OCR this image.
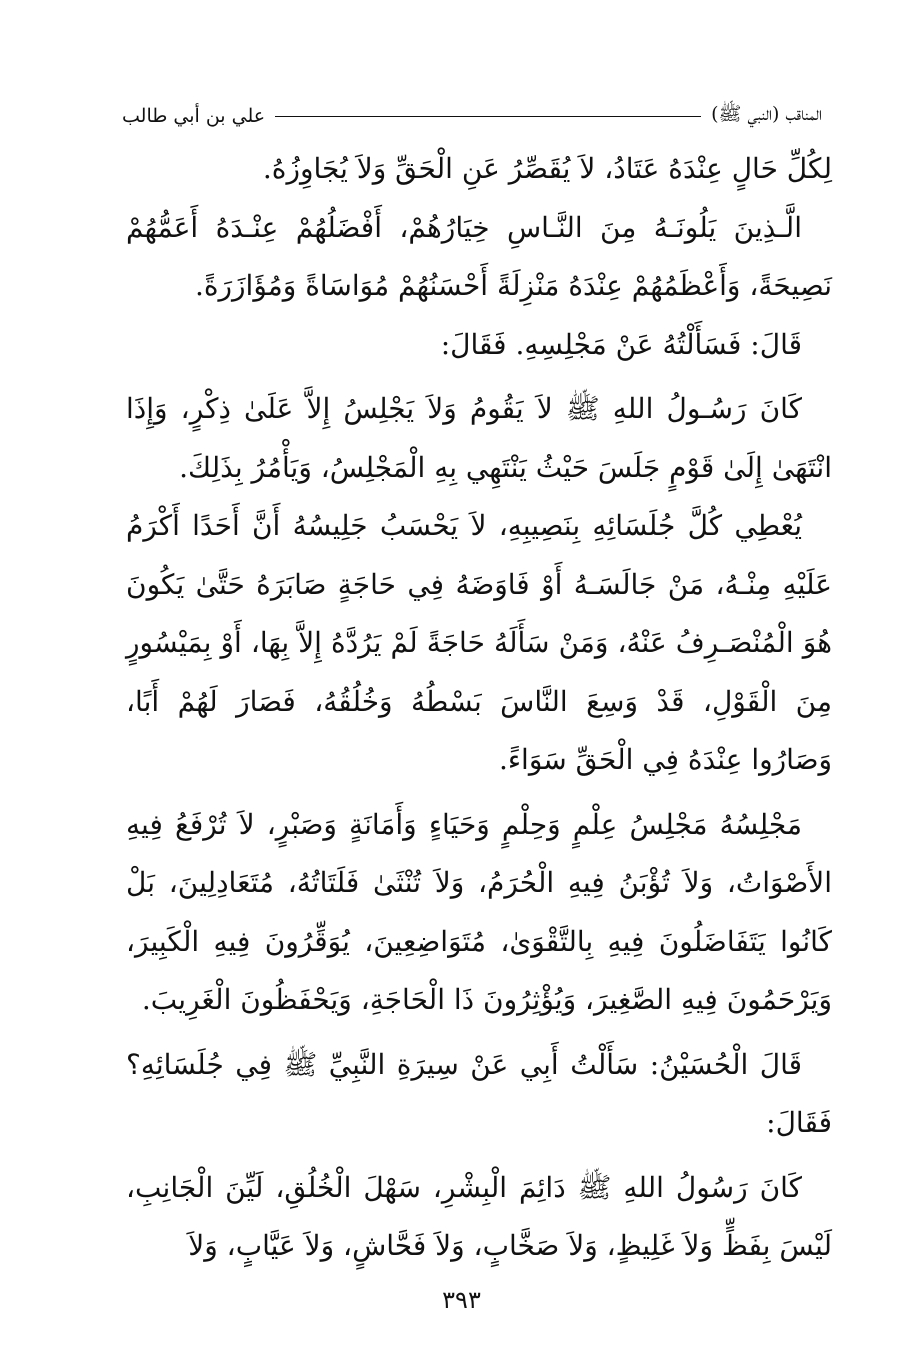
المناقب (النبي ﷺ)
علي بن أبي طالب

لِكُلِّ حَالٍ عِنْدَهُ عَتَادُ، لاَ يُقَصِّرُ عَنِ الْحَقِّ وَلاَ يُجَاوِزُهُ.

الَّـذِينَ يَلُونَـهُ مِنَ النَّـاسِ خِيَارُهُمْ، أَفْضَلُهُمْ عِنْـدَهُ أَعَمُّهُمْ نَصِيحَةً، وَأَعْظَمُهُمْ عِنْدَهُ مَنْزِلَةً أَحْسَنُهُمْ مُوَاسَاةً وَمُؤَازَرَةً.

قَالَ: فَسَأَلْتُهُ عَنْ مَجْلِسِهِ. فَقَالَ:

كَانَ رَسُـولُ اللهِ ﷺ لاَ يَقُومُ وَلاَ يَجْلِسُ إِلاَّ عَلَىٰ ذِكْرٍ، وَإِذَا انْتَهَىٰ إِلَىٰ قَوْمٍ جَلَسَ حَيْثُ يَنْتَهِي بِهِ الْمَجْلِسُ، وَيَأْمُرُ بِذَلِكَ.

يُعْطِي كُلَّ جُلَسَائِهِ بِنَصِيبِهِ، لاَ يَحْسَبُ جَلِيسُهُ أَنَّ أَحَدًا أَكْرَمُ عَلَيْهِ مِنْـهُ، مَنْ جَالَسَـهُ أَوْ فَاوَضَهُ فِي حَاجَةٍ صَابَرَهُ حَتَّىٰ يَكُونَ هُوَ الْمُنْصَـرِفُ عَنْهُ، وَمَنْ سَأَلَهُ حَاجَةً لَمْ يَرُدَّهُ إِلاَّ بِهَا، أَوْ بِمَيْسُورٍ مِنَ الْقَوْلِ، قَدْ وَسِعَ النَّاسَ بَسْطُهُ وَخُلُقُهُ، فَصَارَ لَهُمْ أَبًا، وَصَارُوا عِنْدَهُ فِي الْحَقِّ سَوَاءً.

مَجْلِسُهُ مَجْلِسُ عِلْمٍ وَحِلْمٍ وَحَيَاءٍ وَأَمَانَةٍ وَصَبْرٍ، لاَ تُرْفَعُ فِيهِ الأَصْوَاتُ، وَلاَ تُؤْبَنُ فِيهِ الْحُرَمُ، وَلاَ تُنْثَىٰ فَلَتَاتُهُ، مُتَعَادِلِينَ، بَلْ كَانُوا يَتَفَاضَلُونَ فِيهِ بِالتَّقْوَىٰ، مُتَوَاضِعِينَ، يُوَقِّرُونَ فِيهِ الْكَبِيرَ، وَيَرْحَمُونَ فِيهِ الصَّغِيرَ، وَيُؤْثِرُونَ ذَا الْحَاجَةِ، وَيَحْفَظُونَ الْغَرِيبَ.

قَالَ الْحُسَيْنُ: سَأَلْتُ أَبِي عَنْ سِيرَةِ النَّبِيِّ ﷺ فِي جُلَسَائِهِ؟ فَقَالَ:

كَانَ رَسُولُ اللهِ ﷺ دَائِمَ الْبِشْرِ، سَهْلَ الْخُلُقِ، لَيِّنَ الْجَانِبِ، لَيْسَ بِفَظٍّ وَلاَ غَلِيظٍ، وَلاَ صَخَّابٍ، وَلاَ فَحَّاشٍ، وَلاَ عَيَّابٍ، وَلاَ

٣٩٣
